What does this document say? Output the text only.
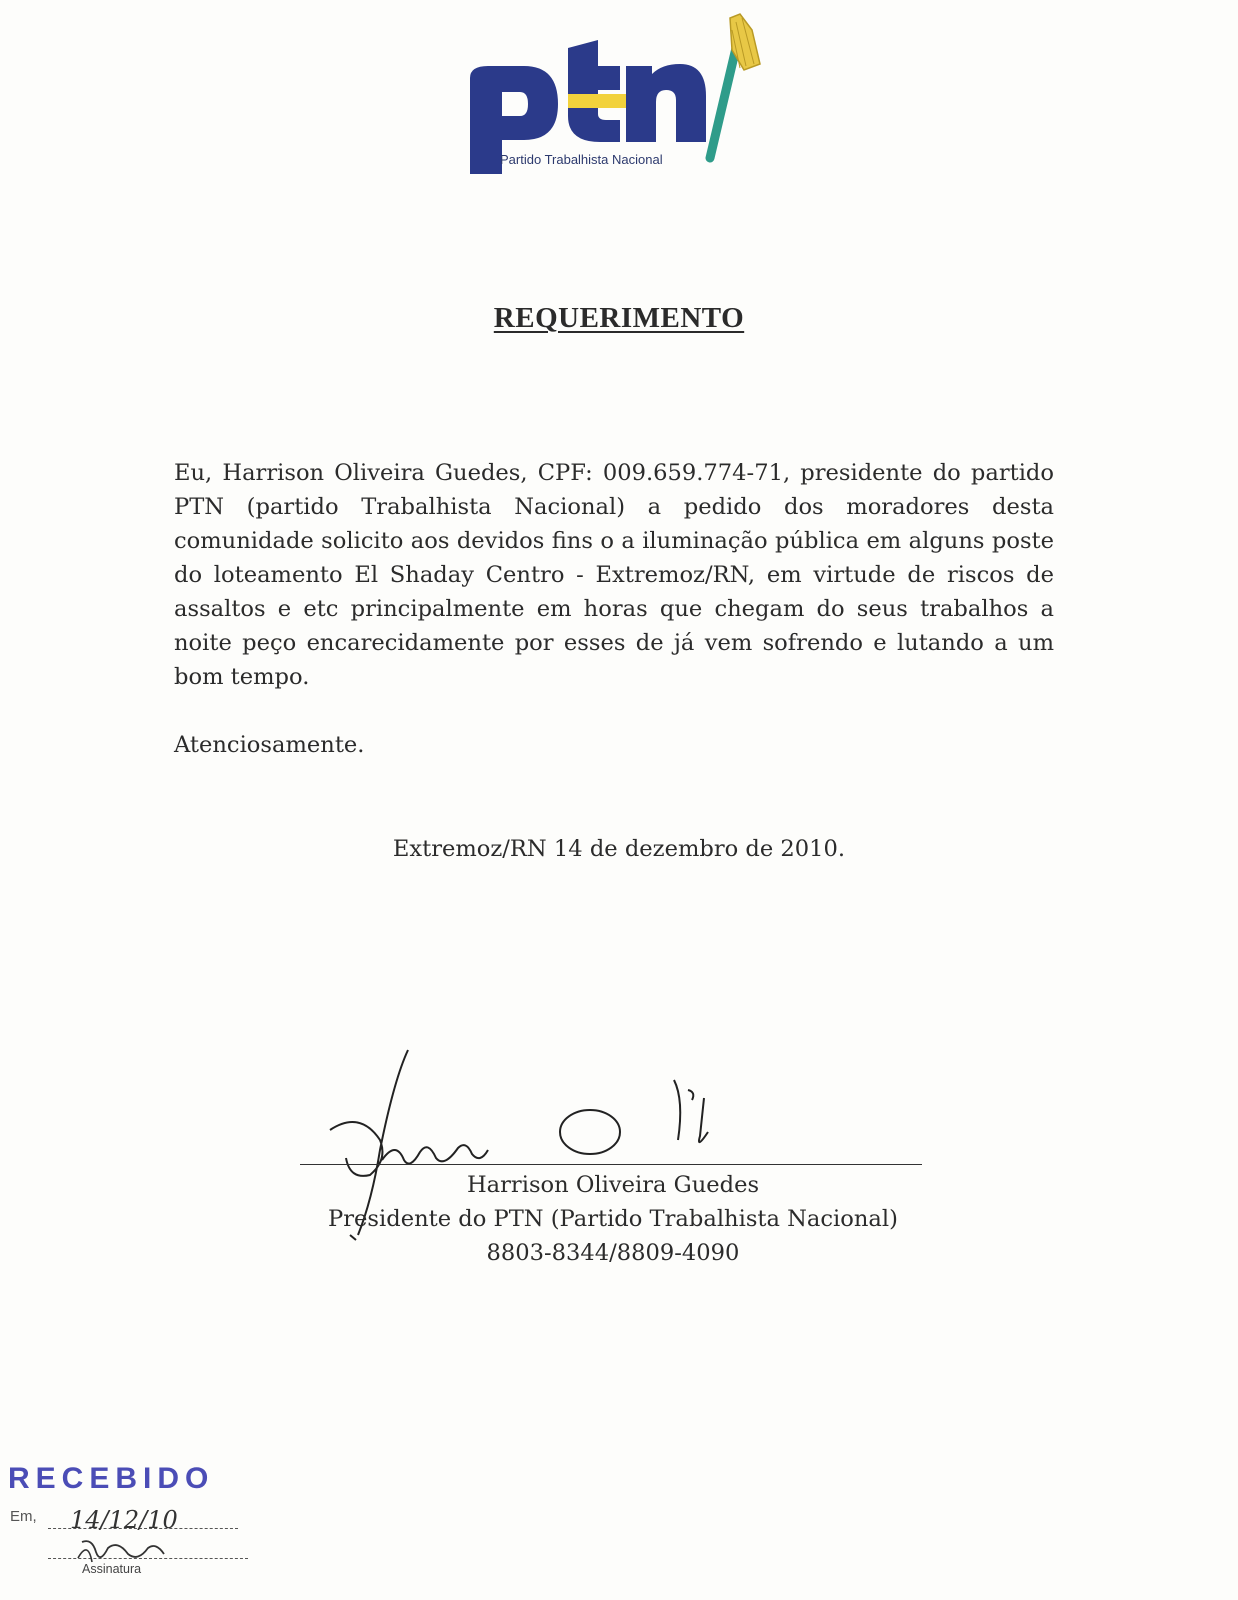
Partido Trabalhista Nacional
REQUERIMENTO
Eu, Harrison Oliveira Guedes, CPF: 009.659.774-71, presidente do partido PTN (partido Trabalhista Nacional) a pedido dos moradores desta comunidade solicito aos devidos fins o a iluminação pública em alguns poste do loteamento El Shaday Centro - Extremoz/RN, em virtude de riscos de assaltos e etc principalmente em horas que chegam do seus trabalhos a noite peço encarecidamente por esses de já vem sofrendo e lutando a um bom tempo.
Atenciosamente.
Extremoz/RN 14 de dezembro de 2010.
Harrison Oliveira Guedes
Presidente do PTN (Partido Trabalhista Nacional)
8803-8344/8809-4090
RECEBIDO
Em,
Assinatura
14/12/10
